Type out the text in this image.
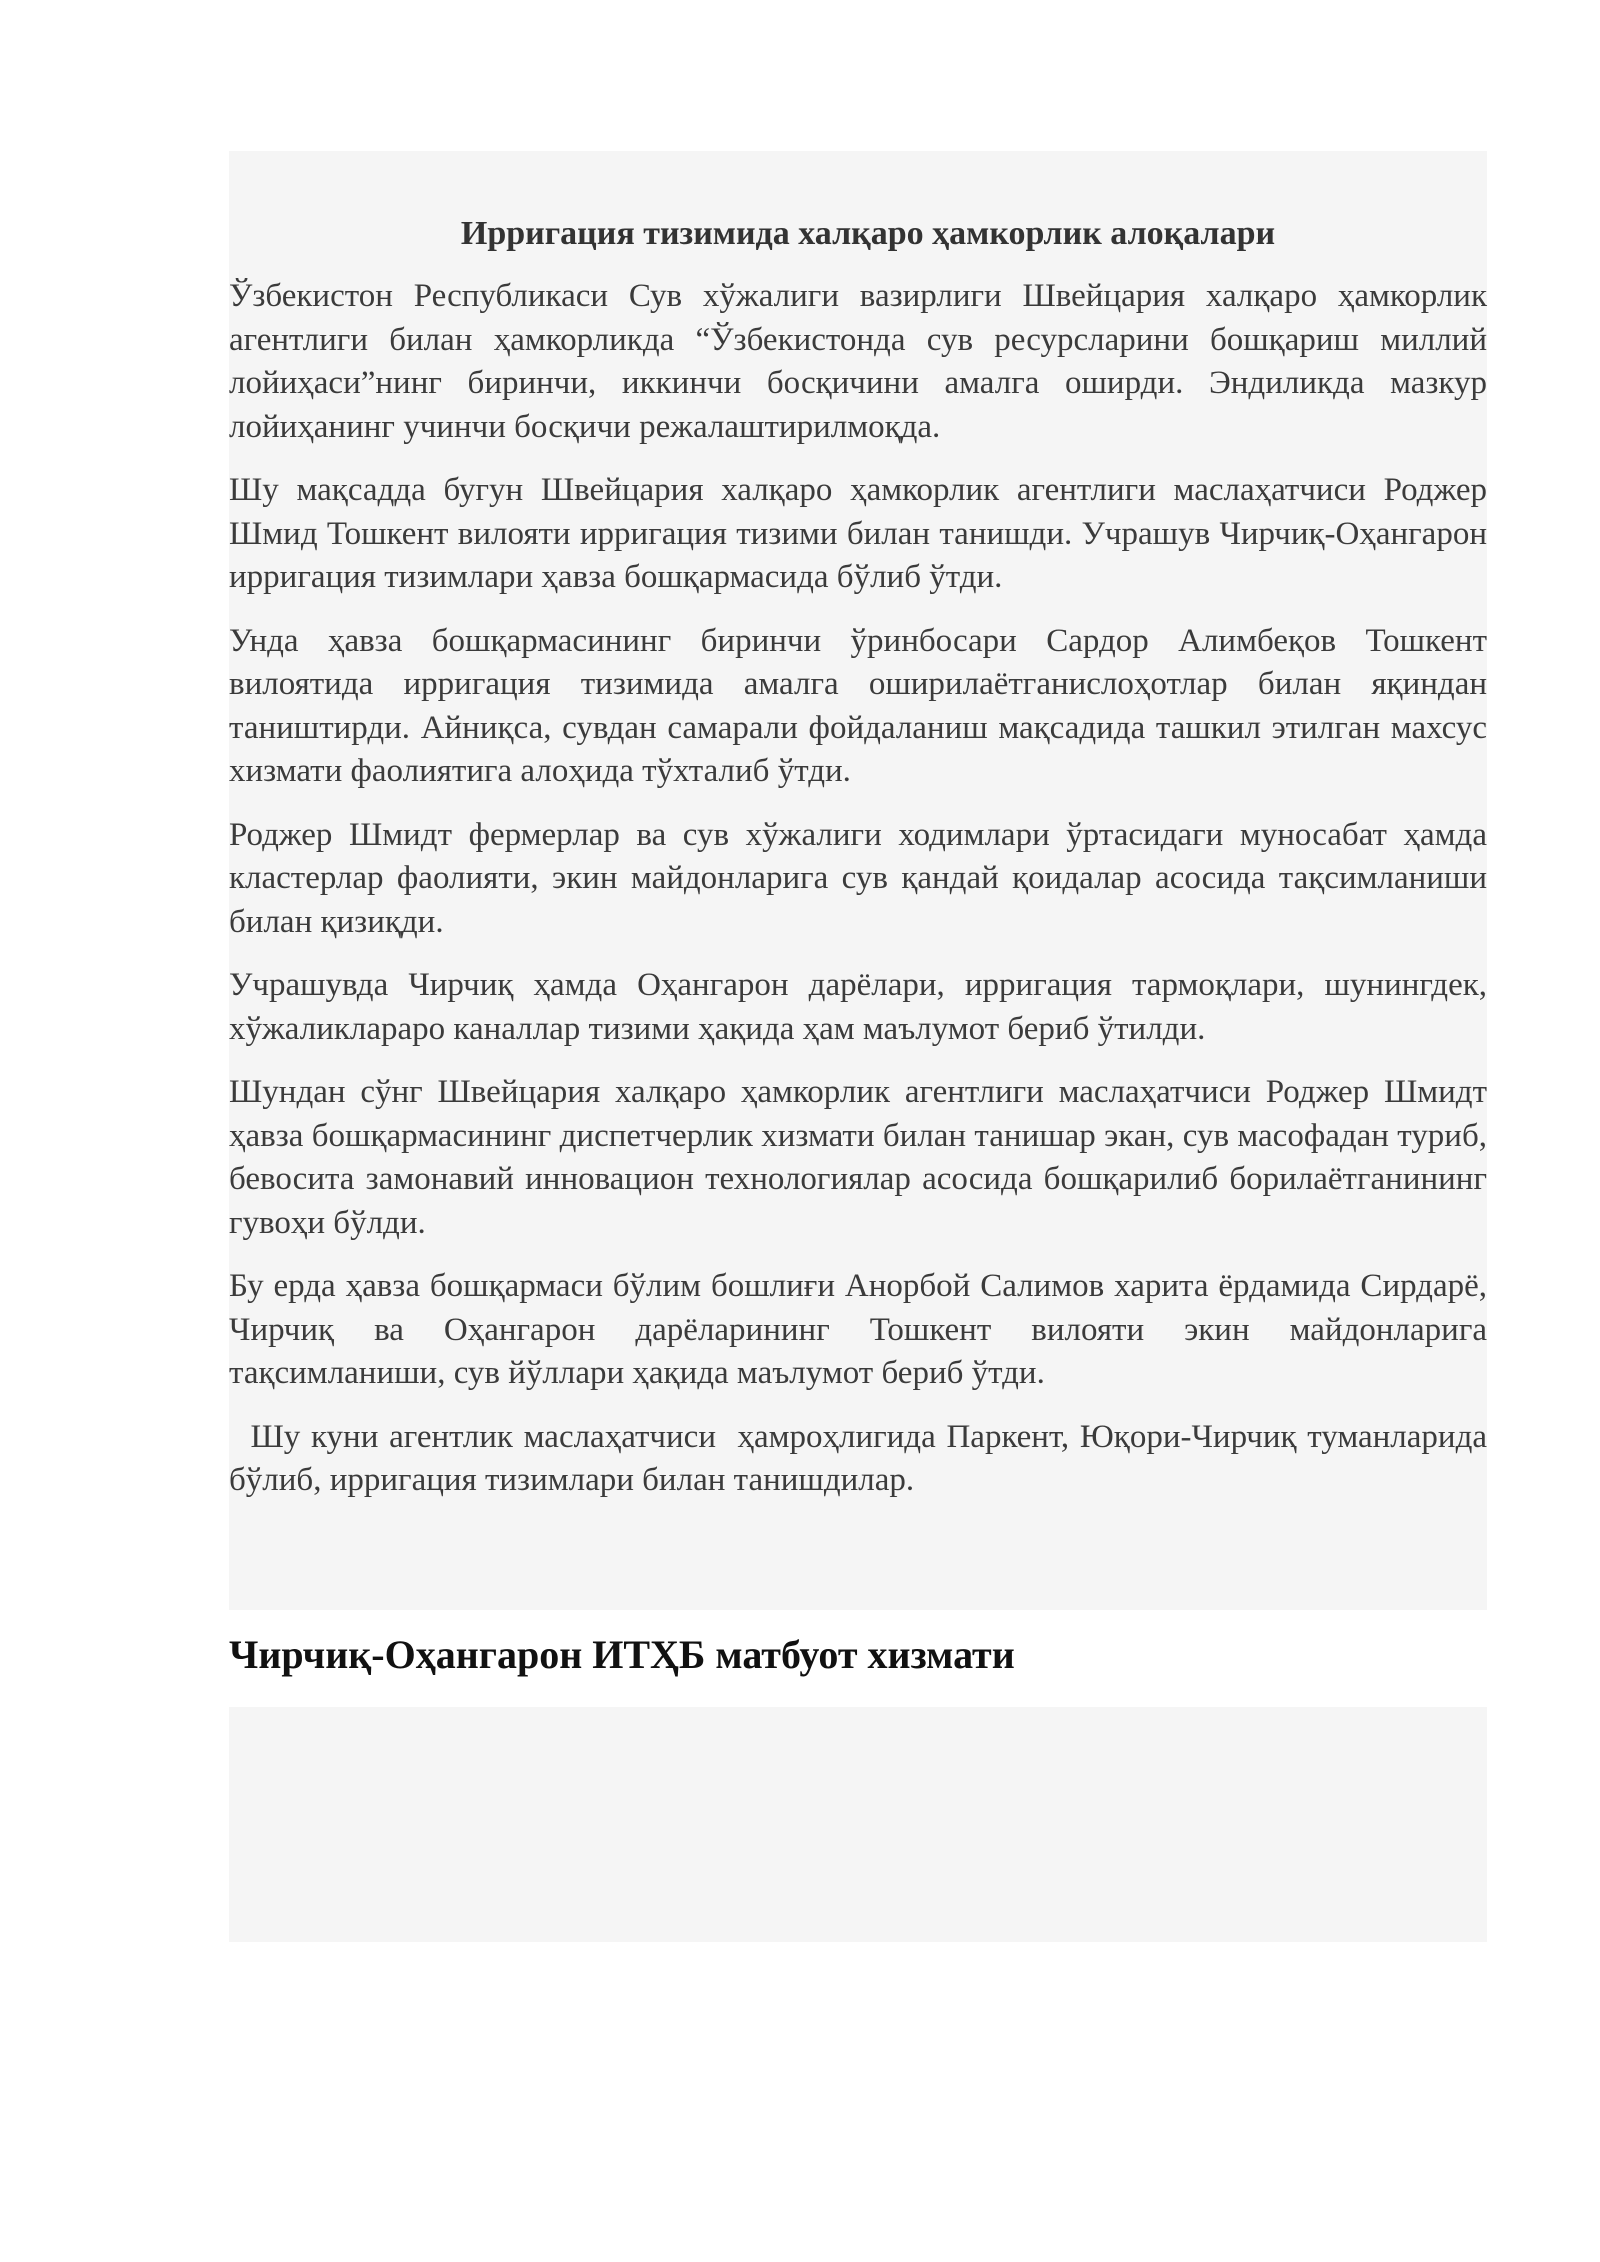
Ирригация тизимида халқаро ҳамкорлик алоқалари

Ўзбекистон Республикаси Сув хўжалиги вазирлиги Швейцария халқаро ҳамкорлик агентлиги билан ҳамкорликда “Ўзбекистонда сув ресурсларини бошқариш миллий лойиҳаси”нинг биринчи, иккинчи босқичини амалга оширди. Эндиликда мазкур лойиҳанинг учинчи босқичи режалаштирилмоқда.

Шу мақсадда бугун Швейцария халқаро ҳамкорлик агентлиги маслаҳатчиси Роджер Шмид Тошкент вилояти ирригация тизими билан танишди. Учрашув Чирчиқ-Оҳангарон ирригация тизимлари ҳавза бошқармасида бўлиб ўтди.

Унда ҳавза бошқармасининг биринчи ўринбосари Сардор Алимбеқов Тошкент вилоятида ирригация тизимида амалга оширилаётганислоҳотлар билан яқиндан таништирди. Айниқса, сувдан самарали фойдаланиш мақсадида ташкил этилган махсус хизмати фаолиятига алоҳида тўхталиб ўтди.

Роджер Шмидт фермерлар ва сув хўжалиги ходимлари ўртасидаги муносабат ҳамда кластерлар фаолияти, экин майдонларига сув қандай қоидалар асосида тақсимланиши билан қизиқди.

Учрашувда Чирчиқ ҳамда Оҳангарон дарёлари, ирригация тармоқлари, шунингдек, хўжаликлараро каналлар тизими ҳақида ҳам маълумот бериб ўтилди.

Шундан сўнг Швейцария халқаро ҳамкорлик агентлиги маслаҳатчиси Роджер Шмидт ҳавза бошқармасининг диспетчерлик хизмати билан танишар экан, сув масофадан туриб, бевосита замонавий инновацион технологиялар асосида бошқарилиб борилаётганининг гувоҳи бўлди.

Бу ерда ҳавза бошқармаси бўлим бошлиғи Анорбой Салимов харита ёрдамида Сирдарё, Чирчиқ ва Оҳангарон дарёларининг Тошкент вилояти экин майдонларига тақсимланиши, сув йўллари ҳақида маълумот бериб ўтди.

Шу куни агентлик маслаҳатчиси  ҳамроҳлигида Паркент, Юқори-Чирчиқ туманларида бўлиб, ирригация тизимлари билан танишдилар.

Чирчиқ-Оҳангарон ИТҲБ матбуот хизмати
